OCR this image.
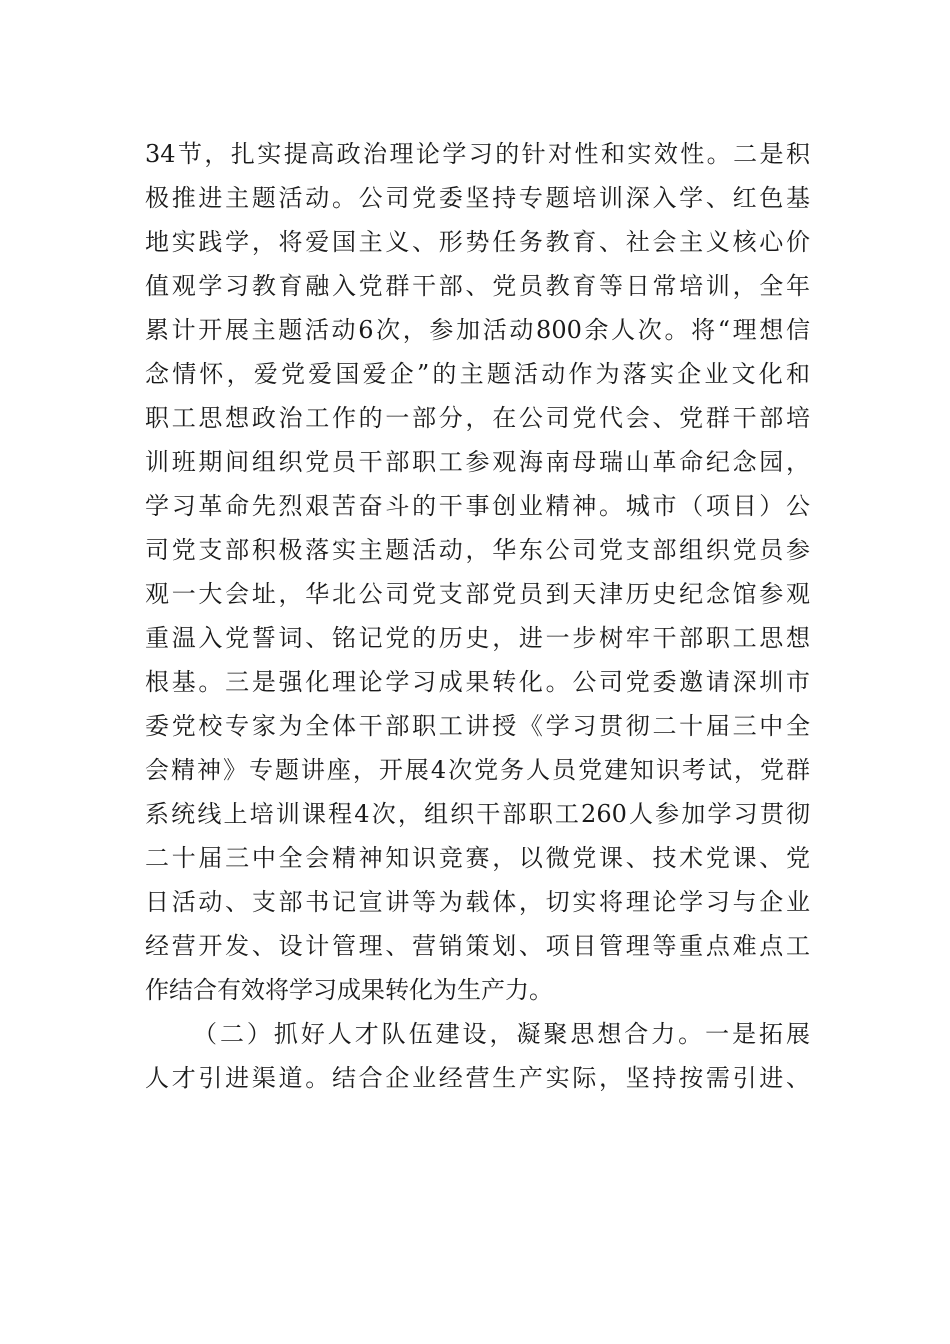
34节，扎实提高政治理论学习的针对性和实效性。二是积
极推进主题活动。公司党委坚持专题培训深入学、红色基
地实践学，将爱国主义、形势任务教育、社会主义核心价
值观学习教育融入党群干部、党员教育等日常培训，全年
累计开展主题活动6次，参加活动800余人次。将“理想信
念情怀，爱党爱国爱企”的主题活动作为落实企业文化和
职工思想政治工作的一部分，在公司党代会、党群干部培
训班期间组织党员干部职工参观海南母瑞山革命纪念园，
学习革命先烈艰苦奋斗的干事创业精神。城市（项目）公
司党支部积极落实主题活动，华东公司党支部组织党员参
观一大会址，华北公司党支部党员到天津历史纪念馆参观
重温入党誓词、铭记党的历史，进一步树牢干部职工思想
根基。三是强化理论学习成果转化。公司党委邀请深圳市
委党校专家为全体干部职工讲授《学习贯彻二十届三中全
会精神》专题讲座，开展4次党务人员党建知识考试，党群
系统线上培训课程4次，组织干部职工260人参加学习贯彻
二十届三中全会精神知识竞赛，以微党课、技术党课、党
日活动、支部书记宣讲等为载体，切实将理论学习与企业
经营开发、设计管理、营销策划、项目管理等重点难点工
作结合有效将学习成果转化为生产力。
（二）抓好人才队伍建设，凝聚思想合力。一是拓展
人才引进渠道。结合企业经营生产实际，坚持按需引进、
